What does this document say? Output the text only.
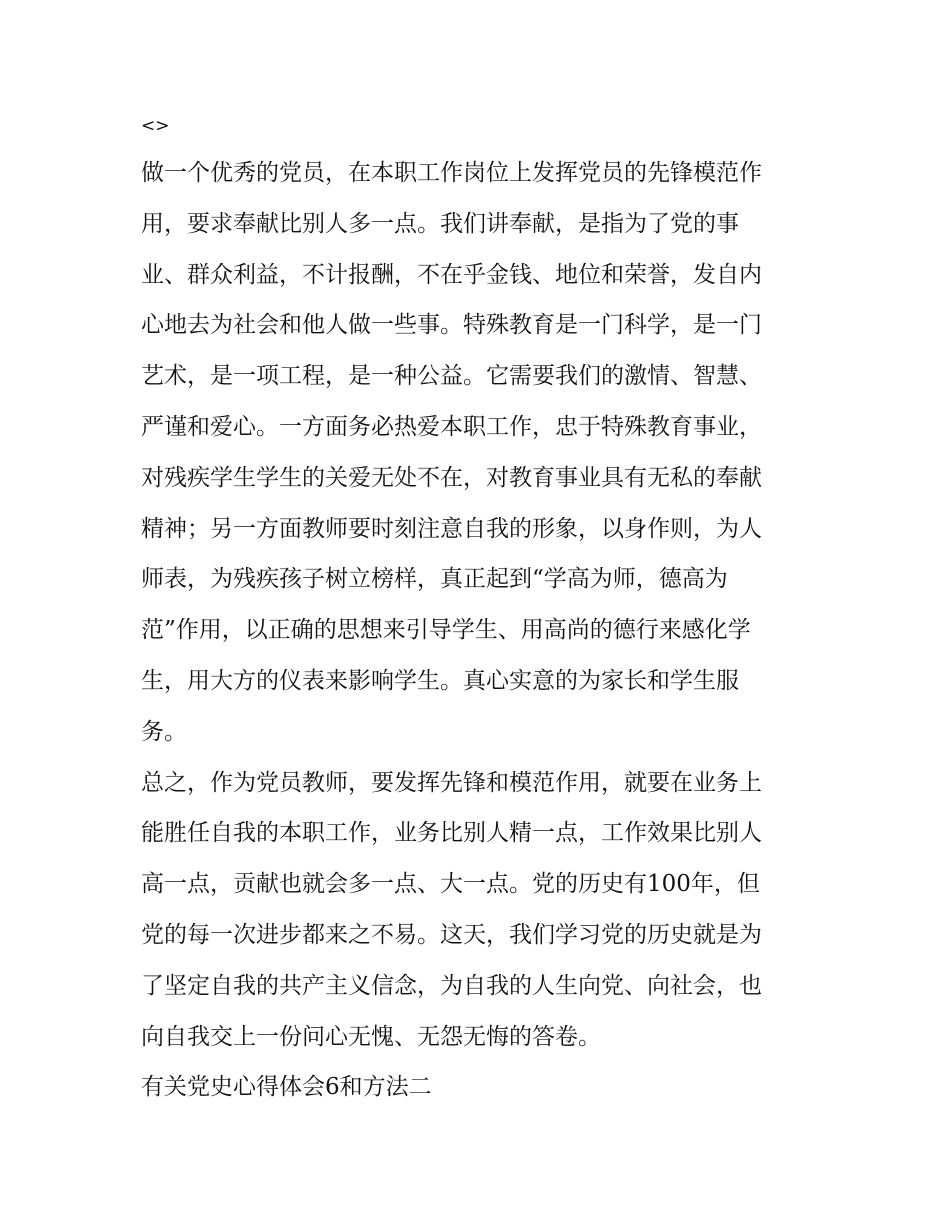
<>
做一个优秀的党员，在本职工作岗位上发挥党员的先锋模范作
用，要求奉献比别人多一点。我们讲奉献，是指为了党的事
业、群众利益，不计报酬，不在乎金钱、地位和荣誉，发自内
心地去为社会和他人做一些事。特殊教育是一门科学，是一门
艺术，是一项工程，是一种公益。它需要我们的激情、智慧、
严谨和爱心。一方面务必热爱本职工作，忠于特殊教育事业，
对残疾学生学生的关爱无处不在，对教育事业具有无私的奉献
精神；另一方面教师要时刻注意自我的形象，以身作则，为人
师表，为残疾孩子树立榜样，真正起到“学高为师，德高为
范”作用，以正确的思想来引导学生、用高尚的德行来感化学
生，用大方的仪表来影响学生。真心实意的为家长和学生服
务。
总之，作为党员教师，要发挥先锋和模范作用，就要在业务上
能胜任自我的本职工作，业务比别人精一点，工作效果比别人
高一点，贡献也就会多一点、大一点。党的历史有100年，但
党的每一次进步都来之不易。这天，我们学习党的历史就是为
了坚定自我的共产主义信念，为自我的人生向党、向社会，也
向自我交上一份问心无愧、无怨无悔的答卷。
有关党史心得体会6和方法二
